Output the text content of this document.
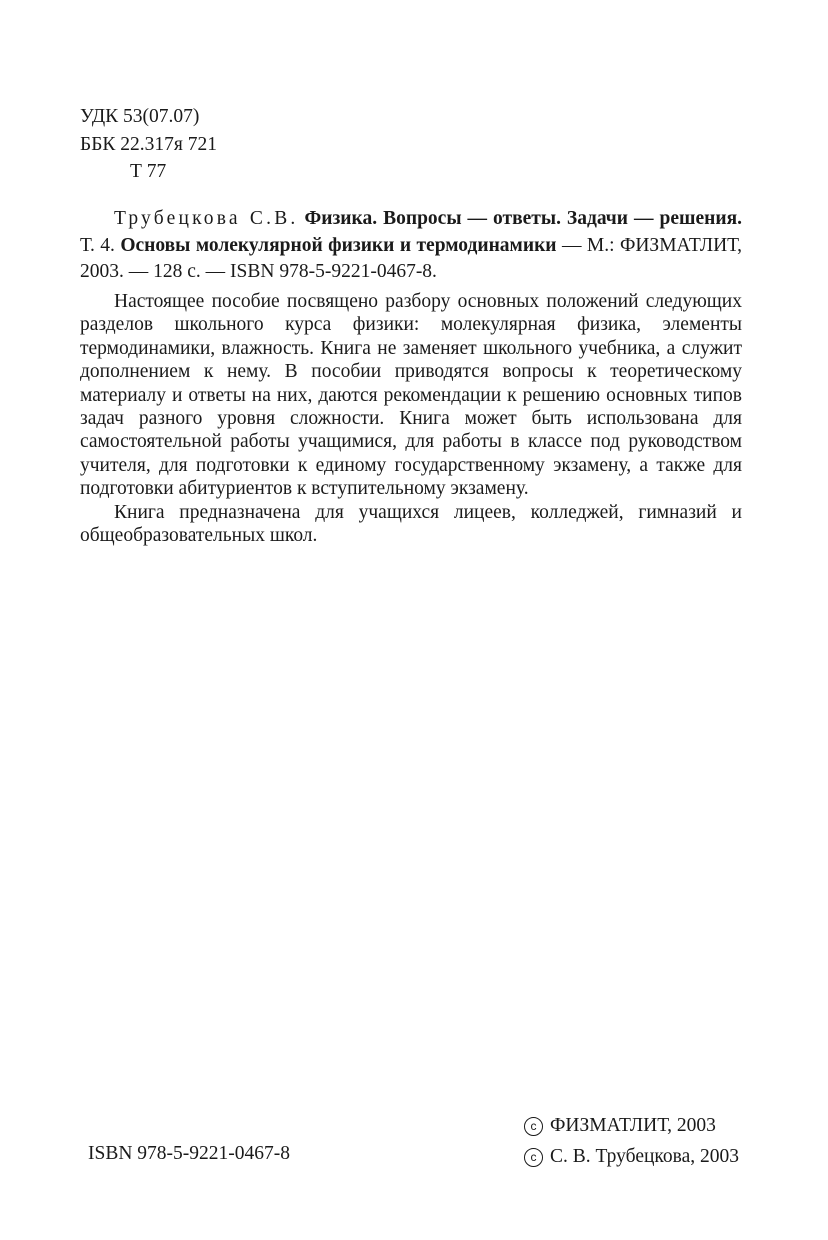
УДК 53(07.07)
ББК 22.317я 721
Т 77

Трубецкова С.В. Физика. Вопросы — ответы. Задачи — решения. Т. 4. Основы молекулярной физики и термодинамики — М.: ФИЗМАТЛИТ, 2003. — 128 с. — ISBN 978-5-9221-0467-8.

Настоящее пособие посвящено разбору основных положений следующих разделов школьного курса физики: молекулярная физика, элементы термодинамики, влажность. Книга не заменяет школьного учебника, а служит дополнением к нему. В пособии приводятся вопросы к теоретическому материалу и ответы на них, даются рекомендации к решению основных типов задач разного уровня сложности. Книга может быть использована для самостоятельной работы учащимися, для работы в классе под руководством учителя, для подготовки к единому государственному экзамену, а также для подготовки абитуриентов к вступительному экзамену.

Книга предназначена для учащихся лицеев, колледжей, гимназий и общеобразовательных школ.

c ФИЗМАТЛИТ, 2003
c С. В. Трубецкова, 2003
ISBN 978-5-9221-0467-8
